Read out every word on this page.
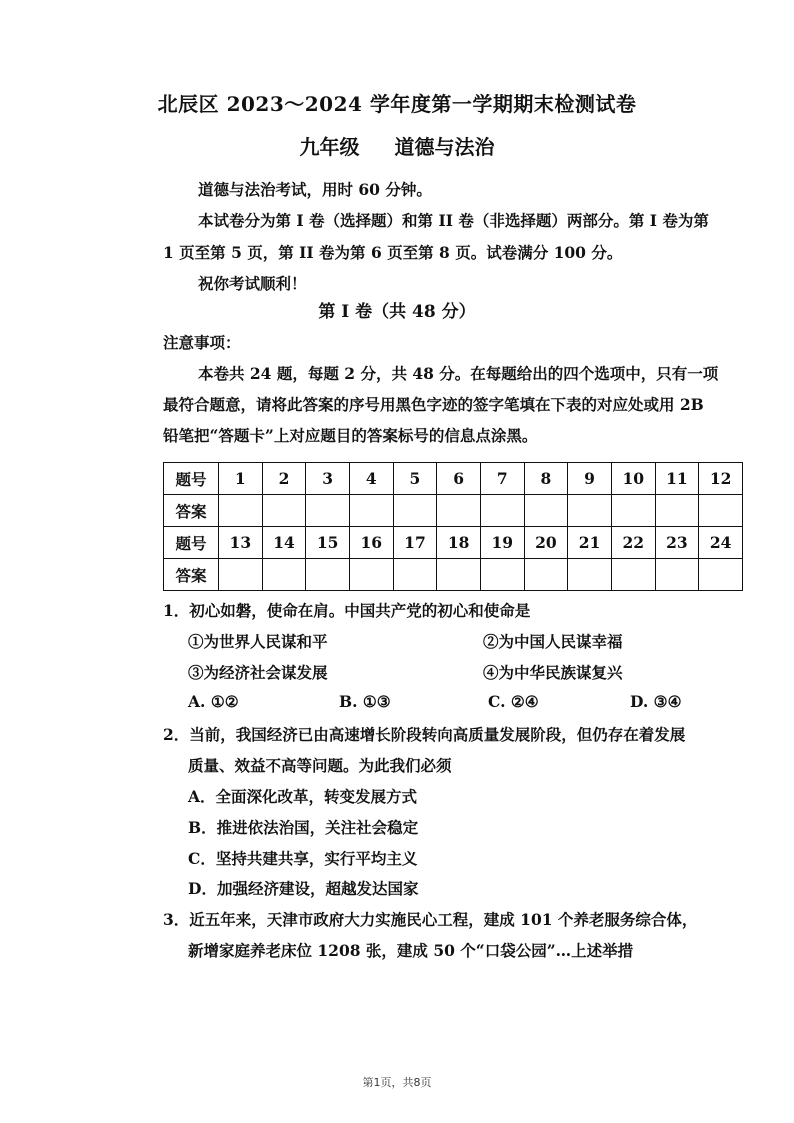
北辰区 2023～2024 学年度第一学期期末检测试卷
九年级 道德与法治
道德与法治考试，用时 60 分钟。
本试卷分为第 I 卷（选择题）和第 II 卷（非选择题）两部分。第 I 卷为第
1 页至第 5 页，第 II 卷为第 6 页至第 8 页。试卷满分 100 分。
祝你考试顺利！
第 I 卷（共 48 分）
注意事项：
本卷共 24 题，每题 2 分，共 48 分。在每题给出的四个选项中，只有一项
最符合题意，请将此答案的序号用黑色字迹的签字笔填在下表的对应处或用 2B
铅笔把“答题卡”上对应题目的答案标号的信息点涂黑。
题号	1	2	3	4	5	6	7	8	9	10	11	12
答案												
题号	13	14	15	16	17	18	19	20	21	22	23	24
答案												
1．初心如磐，使命在肩。中国共产党的初心和使命是
①为世界人民谋和平	②为中国人民谋幸福
③为经济社会谋发展	④为中华民族谋复兴
A. ①②	B. ①③	C. ②④	D. ③④
2．当前，我国经济已由高速增长阶段转向高质量发展阶段，但仍存在着发展
质量、效益不高等问题。为此我们必须
A．全面深化改革，转变发展方式
B．推进依法治国，关注社会稳定
C．坚持共建共享，实行平均主义
D．加强经济建设，超越发达国家
3．近五年来，天津市政府大力实施民心工程，建成 101 个养老服务综合体，
新增家庭养老床位 1208 张，建成 50 个“口袋公园”…上述举措
第1页，共8页
